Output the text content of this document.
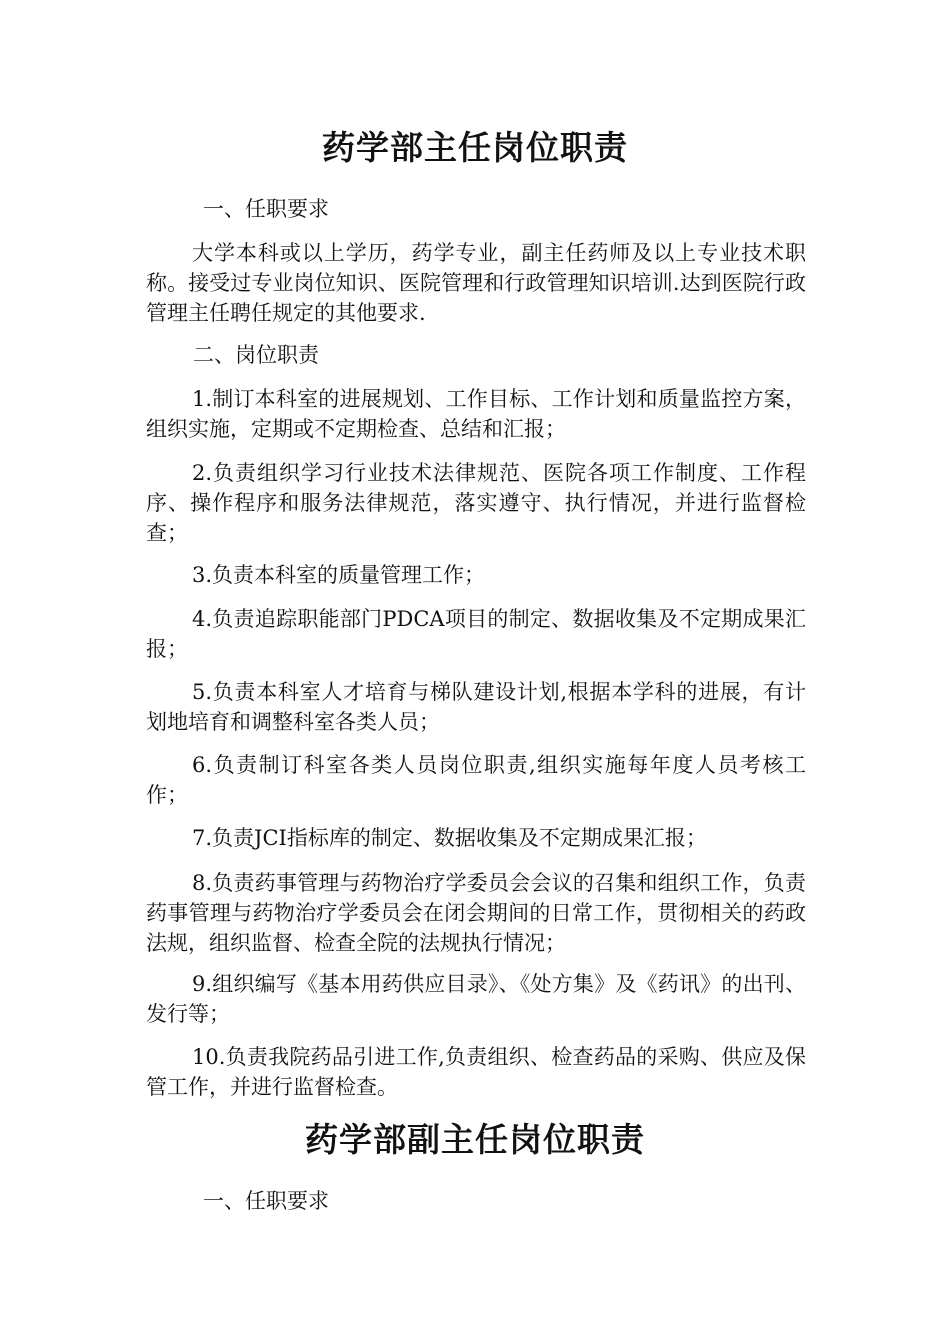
药学部主任岗位职责

一、任职要求

大学本科或以上学历，药学专业，副主任药师及以上专业技术职称。接受过专业岗位知识、医院管理和行政管理知识培训.达到医院行政管理主任聘任规定的其他要求.

二、岗位职责

1.制订本科室的进展规划、工作目标、工作计划和质量监控方案，组织实施，定期或不定期检查、总结和汇报；

2.负责组织学习行业技术法律规范、医院各项工作制度、工作程序、操作程序和服务法律规范，落实遵守、执行情况，并进行监督检查；

3.负责本科室的质量管理工作；

4.负责追踪职能部门PDCA项目的制定、数据收集及不定期成果汇报；

5.负责本科室人才培育与梯队建设计划,根据本学科的进展，有计划地培育和调整科室各类人员；

6.负责制订科室各类人员岗位职责,组织实施每年度人员考核工作；

7.负责JCI指标库的制定、数据收集及不定期成果汇报；

8.负责药事管理与药物治疗学委员会会议的召集和组织工作，负责药事管理与药物治疗学委员会在闭会期间的日常工作，贯彻相关的药政法规，组织监督、检查全院的法规执行情况；

9.组织编写《基本用药供应目录》、《处方集》及《药讯》的出刊、发行等；

10.负责我院药品引进工作,负责组织、检查药品的采购、供应及保管工作，并进行监督检查。

药学部副主任岗位职责

一、任职要求
